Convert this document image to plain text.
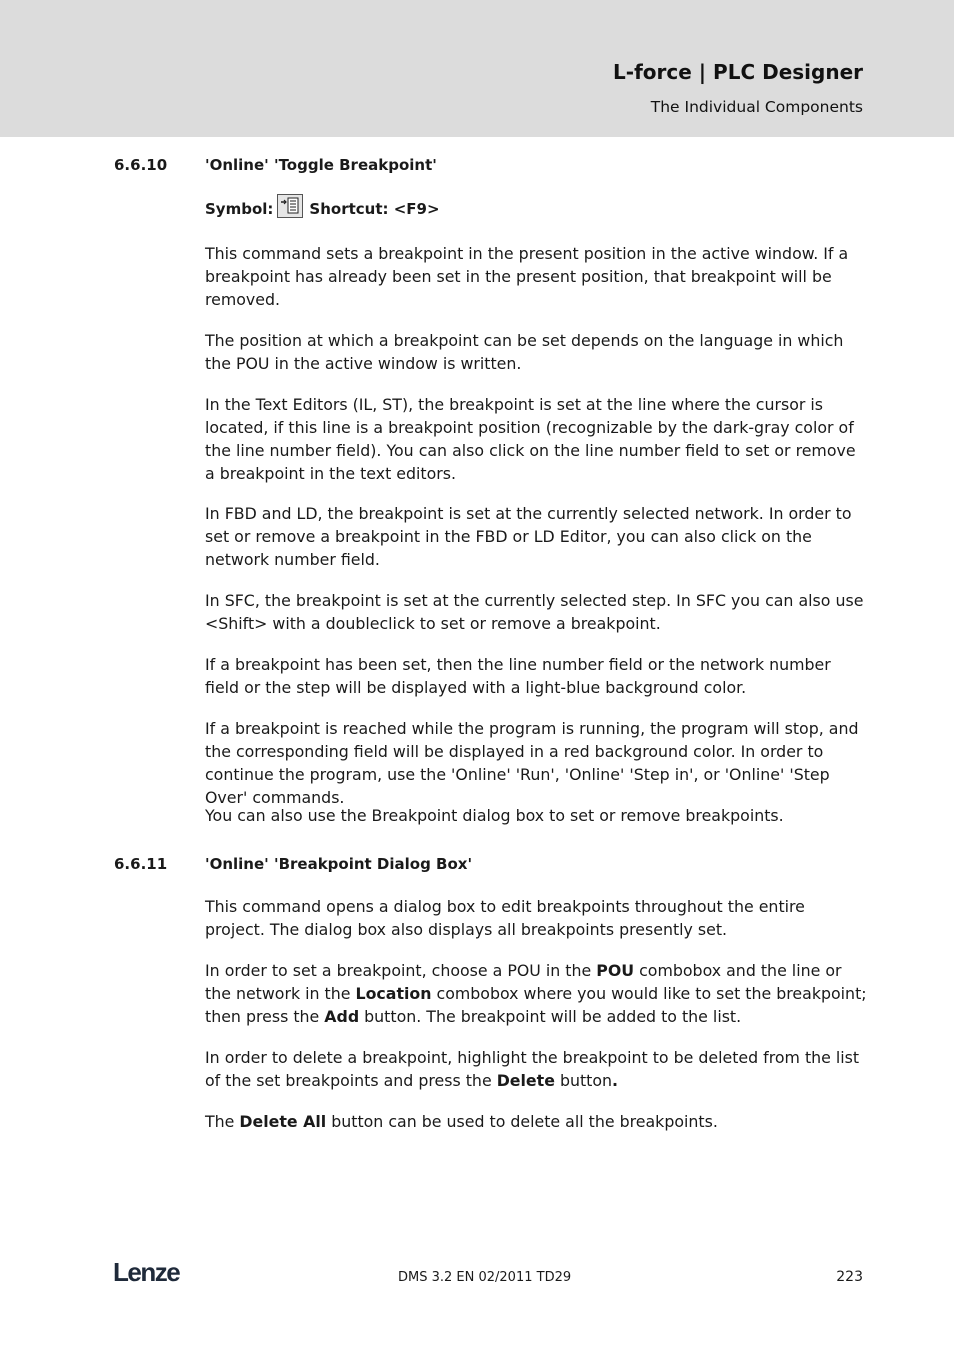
L-force | PLC Designer
The Individual Components
6.6.10	'Online' 'Toggle Breakpoint'
Symbol: Shortcut: <F9>

This command sets a breakpoint in the present position in the active window. If a breakpoint has already been set in the present position, that breakpoint will be removed.

The position at which a breakpoint can be set depends on the language in which the POU in the active window is written.

In the Text Editors (IL, ST), the breakpoint is set at the line where the cursor is located, if this line is a breakpoint position (recognizable by the dark-gray color of the line number field). You can also click on the line number field to set or remove a breakpoint in the text editors.

In FBD and LD, the breakpoint is set at the currently selected network. In order to set or remove a breakpoint in the FBD or LD Editor, you can also click on the network number field.

In SFC, the breakpoint is set at the currently selected step. In SFC you can also use <Shift> with a doubleclick to set or remove a breakpoint.

If a breakpoint has been set, then the line number field or the network number field or the step will be displayed with a light-blue background color.

If a breakpoint is reached while the program is running, the program will stop, and the corresponding field will be displayed in a red background color. In order to continue the program, use the 'Online' 'Run', 'Online' 'Step in', or 'Online' 'Step Over' commands.

You can also use the Breakpoint dialog box to set or remove breakpoints.

6.6.11	'Online' 'Breakpoint Dialog Box'

This command opens a dialog box to edit breakpoints throughout the entire project. The dialog box also displays all breakpoints presently set.

In order to set a breakpoint, choose a POU in the POU combobox and the line or the network in the Location combobox where you would like to set the breakpoint; then press the Add button. The breakpoint will be added to the list.

In order to delete a breakpoint, highlight the breakpoint to be deleted from the list of the set breakpoints and press the Delete button.

The Delete All button can be used to delete all the breakpoints.

Lenze	DMS 3.2 EN 02/2011 TD29	223
